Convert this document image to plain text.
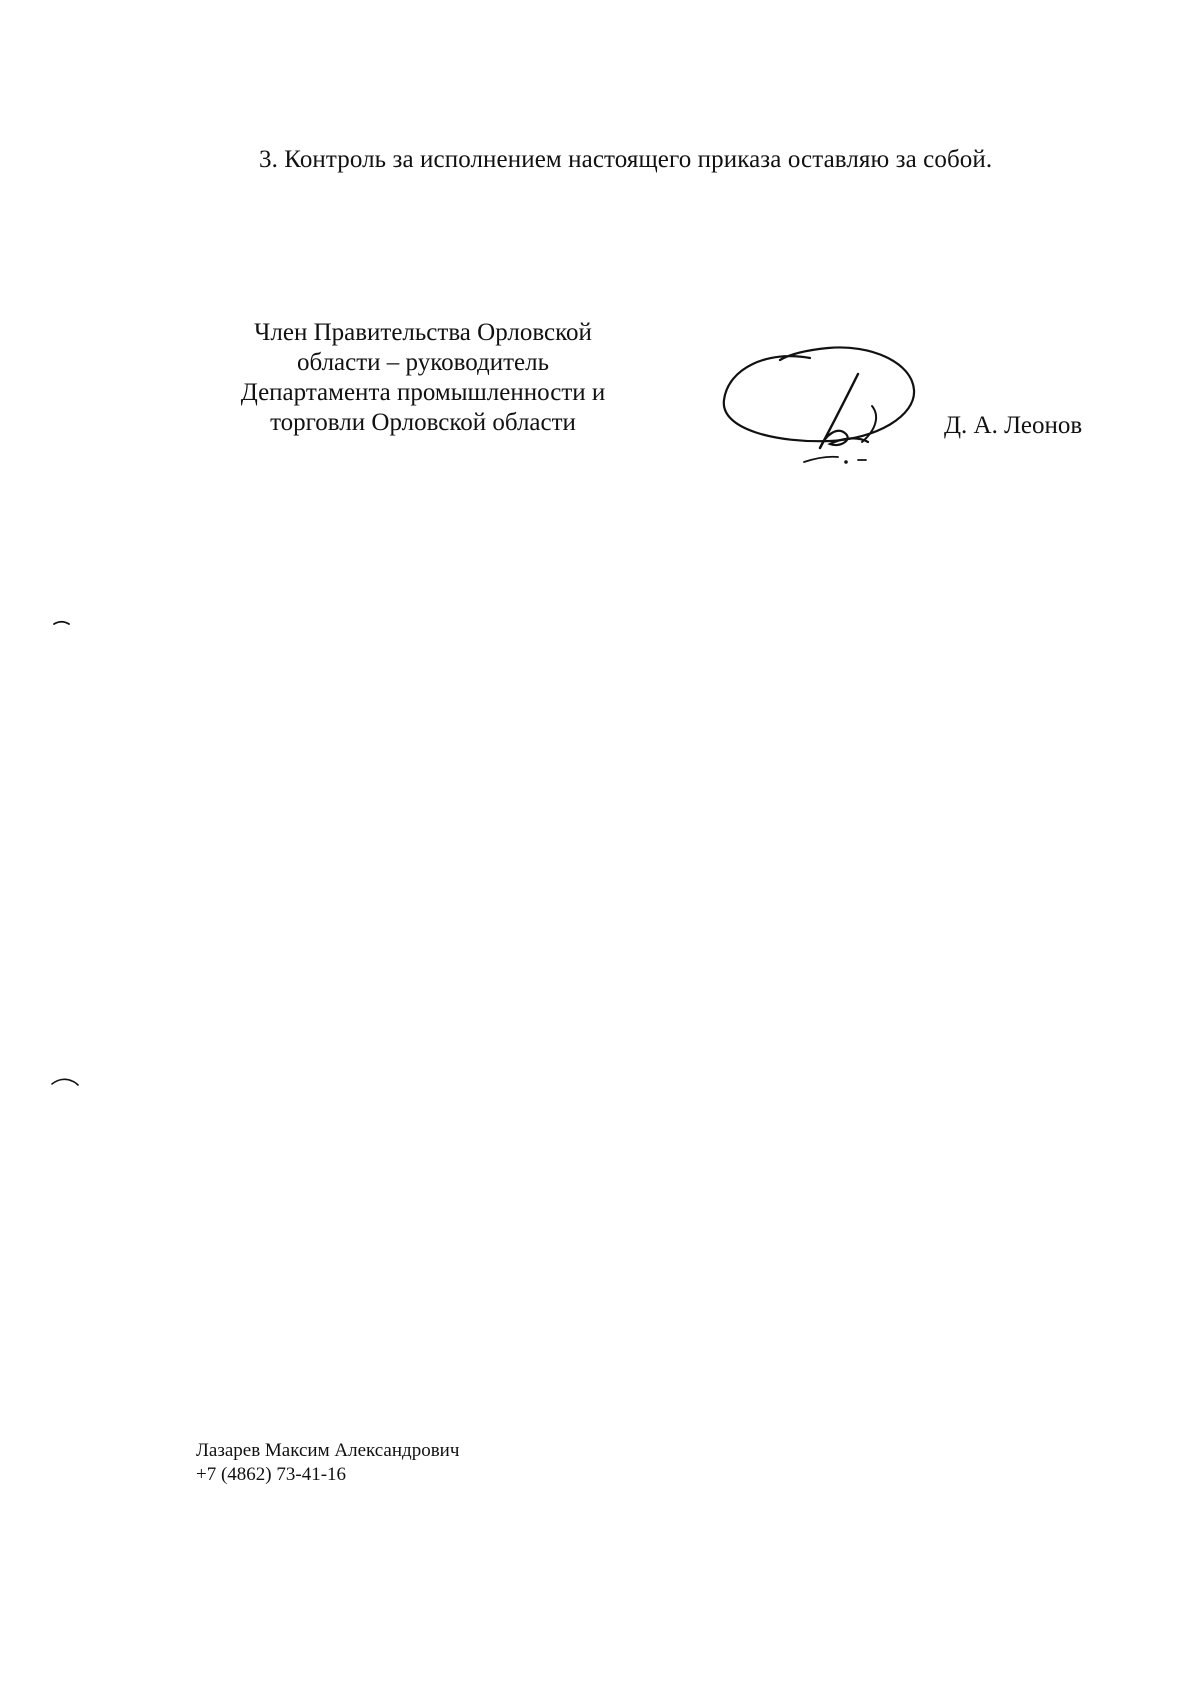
3. Контроль за исполнением настоящего приказа оставляю за собой.
Член Правительства Орловской
области – руководитель
Департамента промышленности и
торговли Орловской области	Д. А. Леонов
Лазарев Максим Александрович
+7 (4862) 73-41-16
